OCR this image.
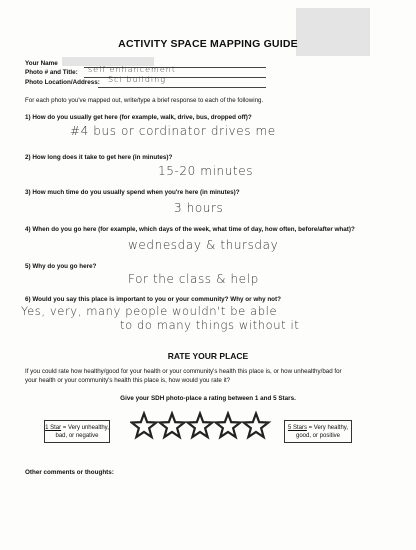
ACTIVITY SPACE MAPPING GUIDE
Your Name
Photo # and Title: self enhancement
Photo Location/Address: Sci building
For each photo you've mapped out, write/type a brief response to each of the following.
1) How do you usually get here (for example, walk, drive, bus, dropped off)?
#4 bus or cordinator drives me
2) How long does it take to get here (in minutes)?
15-20 minutes
3) How much time do you usually spend when you're here (in minutes)?
3 hours
4) When do you go here (for example, which days of the week, what time of day, how often, before/after what)?
wednesday & thursday
5) Why do you go here?
For the class & help
6) Would you say this place is important to you or your community? Why or why not?
Yes, very, many people wouldn't be able
to do many things without it
RATE YOUR PLACE
If you could rate how healthy/good for your health or your community's health this place is, or how unhealthy/bad for
your health or your community's health this place is, how would you rate it?
Give your SDH photo-place a rating between 1 and 5 Stars.
1 Star = Very unhealthy,
bad, or negative
5 Stars = Very healthy,
good, or positive
Other comments or thoughts:
